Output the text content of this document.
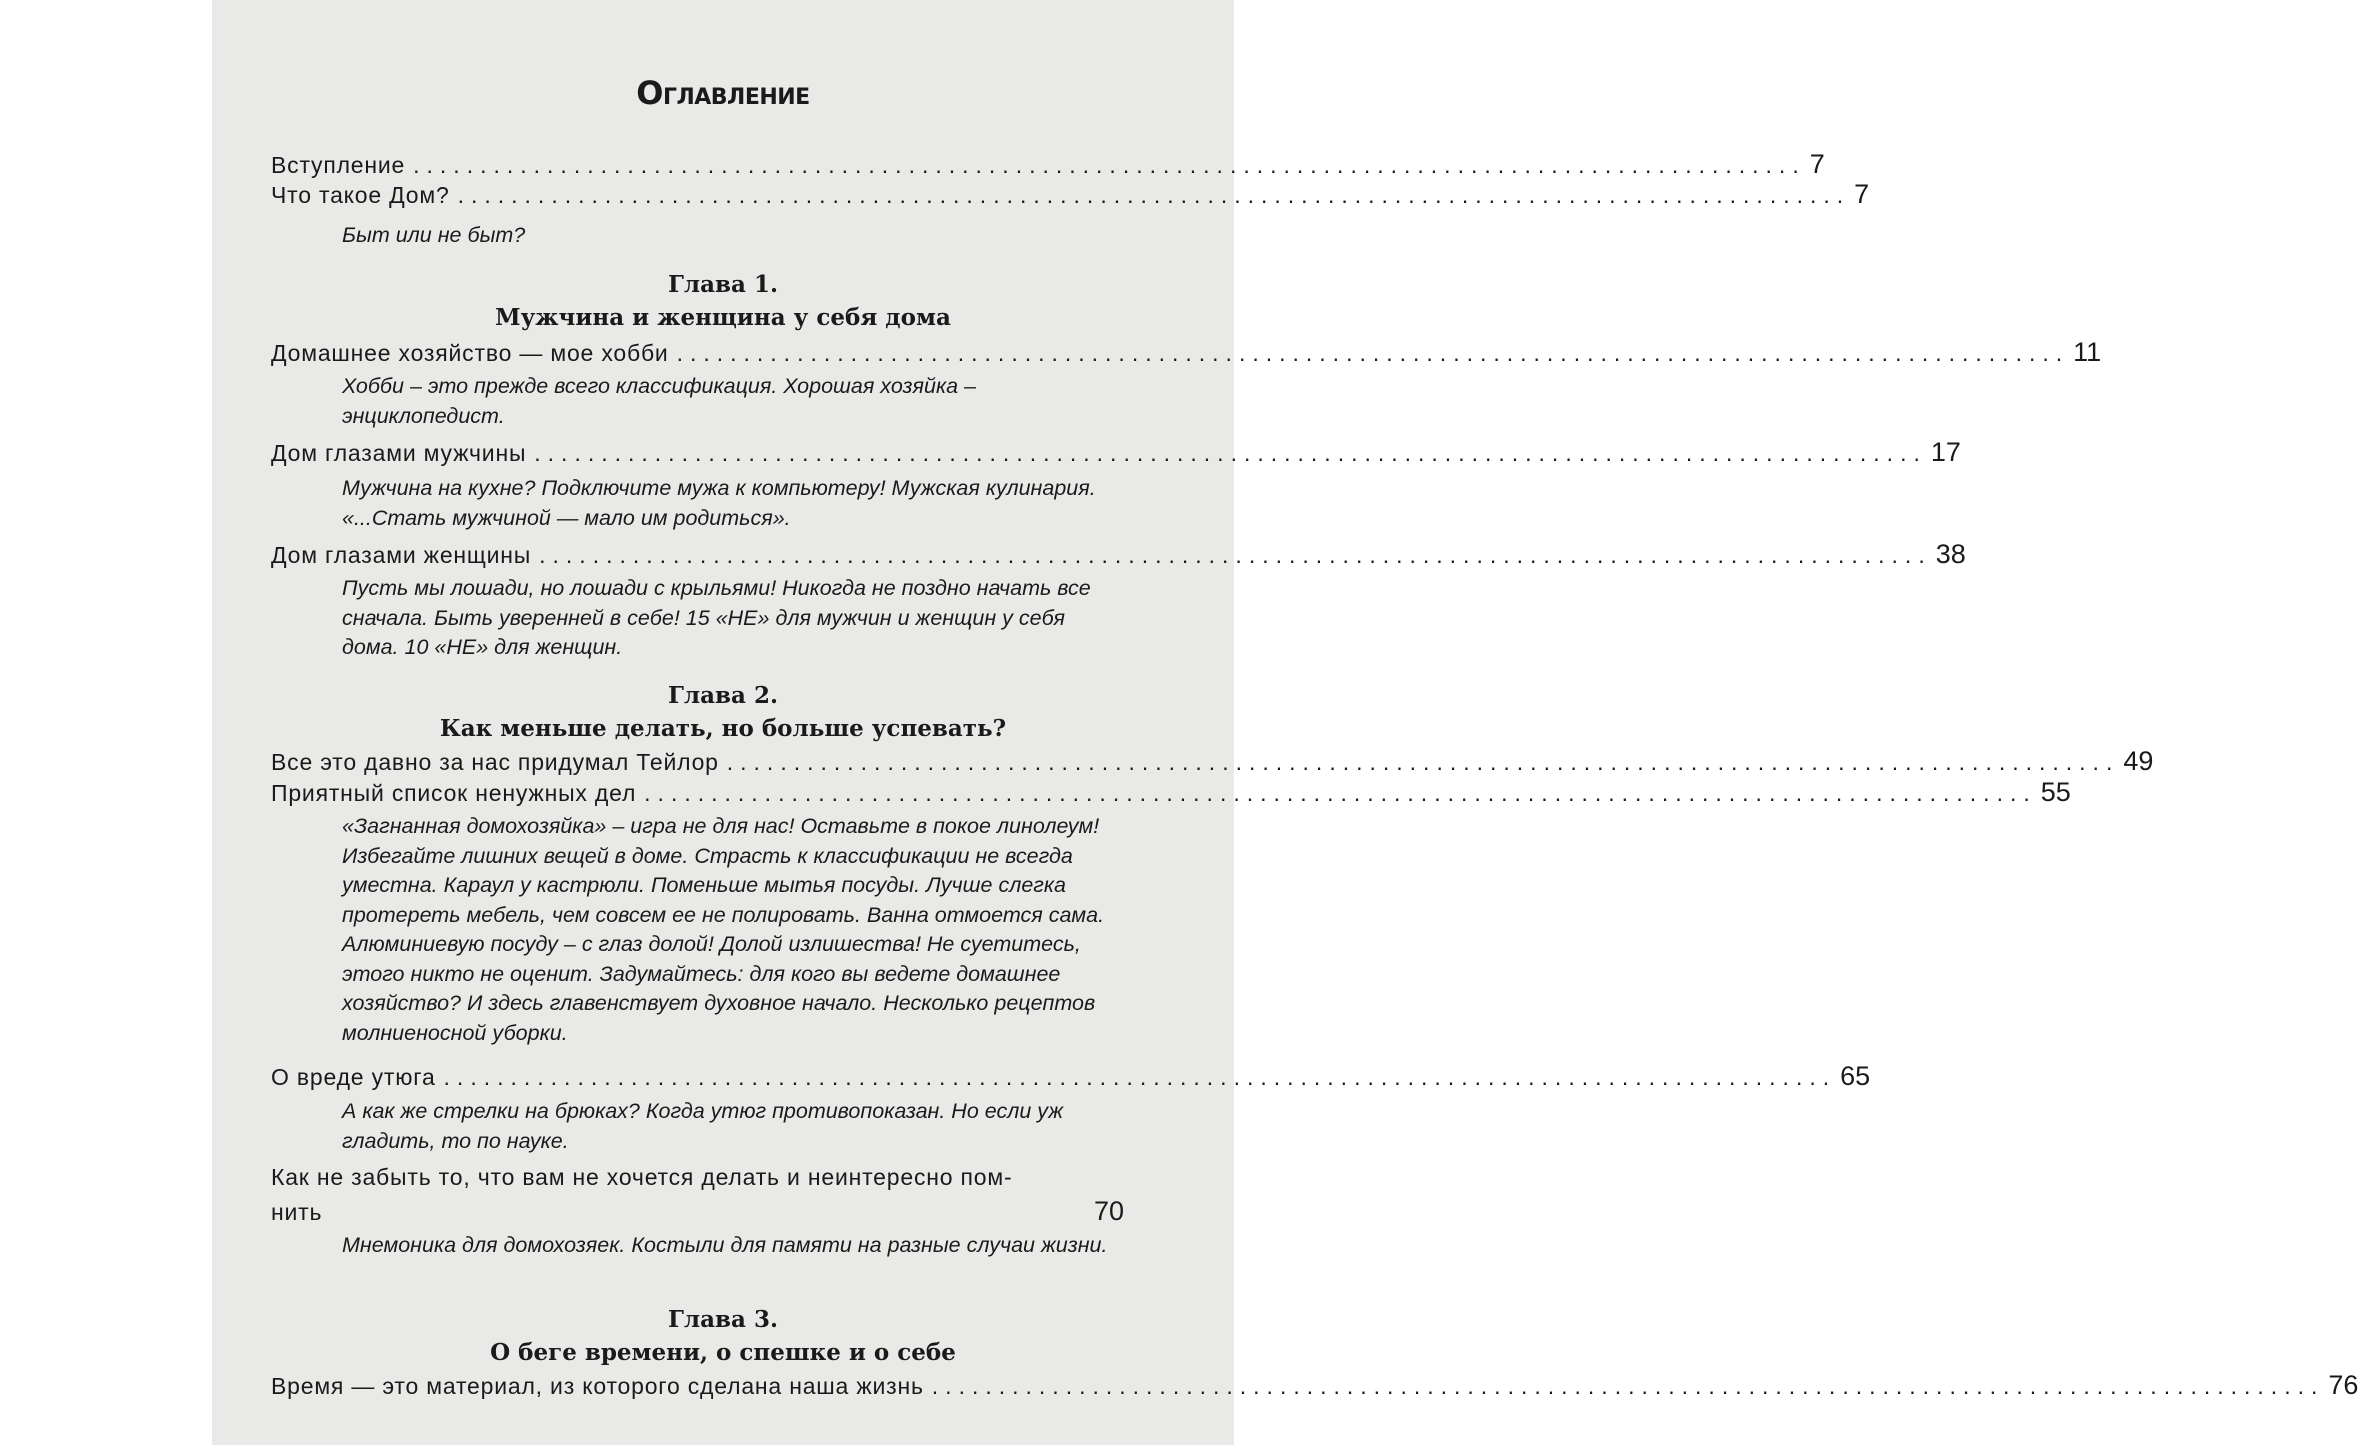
Оглавление
Вступление ........................................................................................................ 7
Что такое Дом? ........................................................................................................ 7
Быт или не быт?
Глава 1.
Мужчина и женщина у себя дома
Домашнее хозяйство — мое хобби ........................................................................................................ 11
Хобби – это прежде всего классификация. Хорошая хозяйка – энциклопедист.
Дом глазами мужчины ........................................................................................................ 17
Мужчина на кухне? Подключите мужа к компьютеру! Мужская кулинария. «...Стать мужчиной — мало им родиться».
Дом глазами женщины ........................................................................................................ 38
Пусть мы лошади, но лошади с крыльями! Никогда не поздно начать все сначала. Быть уверенней в себе! 15 «НЕ» для мужчин и женщин у себя дома. 10 «НЕ» для женщин.
Глава 2.
Как меньше делать, но больше успевать?
Все это давно за нас придумал Тейлор ........................................................................................................ 49
Приятный список ненужных дел ........................................................................................................ 55
«Загнанная домохозяйка» – игра не для нас! Оставьте в покое линолеум! Избегайте лишних вещей в доме. Страсть к классификации не всегда уместна. Караул у кастрюли. Поменьше мытья посуды. Лучше слегка протереть мебель, чем совсем ее не полировать. Ванна отмоется сама. Алюминиевую посуду – с глаз долой! Долой излишества! Не суетитесь, этого никто не оценит. Задумайтесь: для кого вы ведете домашнее хозяйство? И здесь главенствует духовное начало. Несколько рецептов молниеносной уборки.
О вреде утюга ........................................................................................................ 65
А как же стрелки на брюках? Когда утюг противопоказан. Но если уж гладить, то по науке.
Как не забыть то, что вам не хочется делать и неинтересно пом-
нить	70
Мнемоника для домохозяек. Костыли для памяти на разные случаи жизни.
Глава 3.
О беге времени, о спешке и о себе
Время — это материал, из которого сделана наша жизнь ........................................................................................................ 76
